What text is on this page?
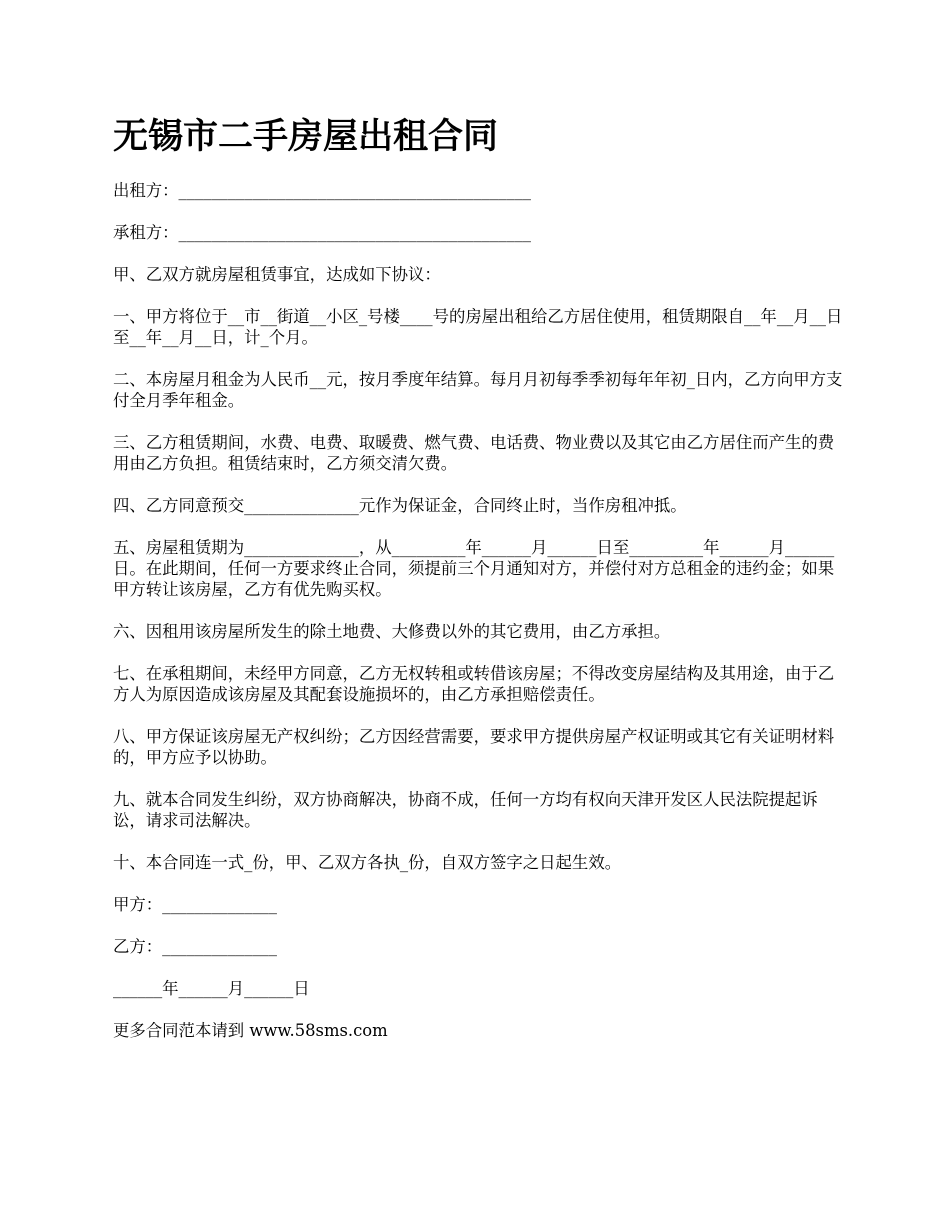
无锡市二手房屋出租合同

出租方：___________________________________________

承租方：___________________________________________

甲、乙双方就房屋租赁事宜，达成如下协议：

一、甲方将位于__市__街道__小区_号楼____号的房屋出租给乙方居住使用，租赁期限自__年__月__日至__年__月__日，计_个月。

二、本房屋月租金为人民币__元，按月季度年结算。每月月初每季季初每年年初_日内，乙方向甲方支付全月季年租金。

三、乙方租赁期间，水费、电费、取暖费、燃气费、电话费、物业费以及其它由乙方居住而产生的费用由乙方负担。租赁结束时，乙方须交清欠费。

四、乙方同意预交______________元作为保证金，合同终止时，当作房租冲抵。

五、房屋租赁期为______________，从_________年______月______日至_________年______月______日。在此期间，任何一方要求终止合同，须提前三个月通知对方，并偿付对方总租金的违约金；如果甲方转让该房屋，乙方有优先购买权。

六、因租用该房屋所发生的除土地费、大修费以外的其它费用，由乙方承担。

七、在承租期间，未经甲方同意，乙方无权转租或转借该房屋；不得改变房屋结构及其用途，由于乙方人为原因造成该房屋及其配套设施损坏的，由乙方承担赔偿责任。

八、甲方保证该房屋无产权纠纷；乙方因经营需要，要求甲方提供房屋产权证明或其它有关证明材料的，甲方应予以协助。

九、就本合同发生纠纷，双方协商解决，协商不成，任何一方均有权向天津开发区人民法院提起诉讼，请求司法解决。

十、本合同连一式_份，甲、乙双方各执_份，自双方签字之日起生效。

甲方：______________

乙方：______________

______年______月______日

更多合同范本请到 www.58sms.com
